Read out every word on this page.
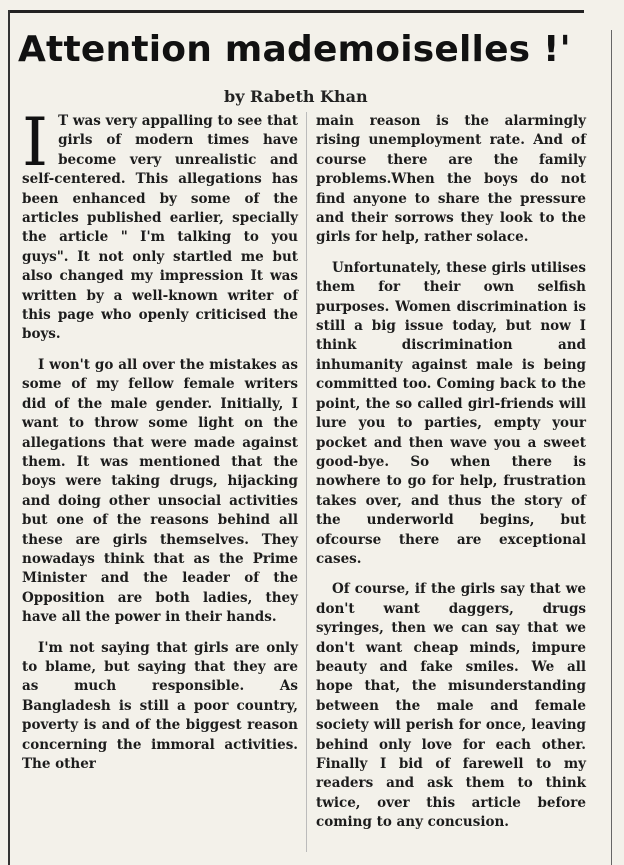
Attention mademoiselles !'
by Rabeth Khan

I T was very appalling to see that girls of modern times have become very unrealistic and self-centered. This allegations has been enhanced by some of the articles published earlier, specially the article " I'm talking to you guys". It not only startled me but also changed my impression It was written by a well-known writer of this page who openly criticised the boys.

I won't go all over the mistakes as some of my fellow female writers did of the male gender. Initially, I want to throw some light on the allegations that were made against them. It was mentioned that the boys were taking drugs, hijacking and doing other unsocial activities but one of the reasons behind all these are girls themselves. They nowadays think that as the Prime Minister and the leader of the Opposition are both ladies, they have all the power in their hands.

I'm not saying that girls are only to blame, but saying that they are as much responsible. As Bangladesh is still a poor country, poverty is and of the biggest reason concerning the immoral activities. The other

main reason is the alarmingly rising unemployment rate. And of course there are the family problems.When the boys do not find anyone to share the pressure and their sorrows they look to the girls for help, rather solace.

Unfortunately, these girls utilises them for their own selfish purposes. Women discrimination is still a big issue today, but now I think discrimination and inhumanity against male is being committed too. Coming back to the point, the so called girl-friends will lure you to parties, empty your pocket and then wave you a sweet good-bye. So when there is nowhere to go for help, frustration takes over, and thus the story of the underworld begins, but ofcourse there are exceptional cases.

Of course, if the girls say that we don't want daggers, drugs syringes, then we can say that we don't want cheap minds, impure beauty and fake smiles. We all hope that, the misunderstanding between the male and female society will perish for once, leaving behind only love for each other. Finally I bid of farewell to my readers and ask them to think twice, over this article before coming to any concusion.
